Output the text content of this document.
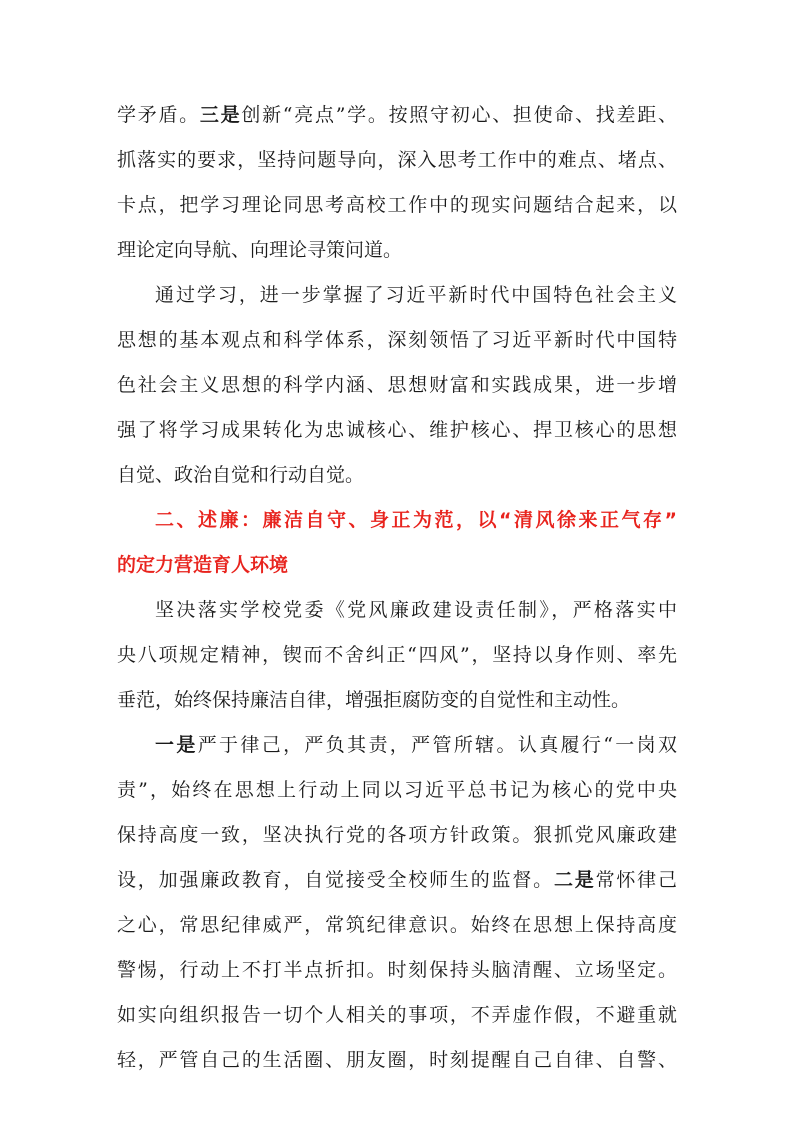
学矛盾。三是创新“亮点”学。按照守初心、担使命、找差距、
抓落实的要求，坚持问题导向，深入思考工作中的难点、堵点、
卡点，把学习理论同思考高校工作中的现实问题结合起来，以
理论定向导航、向理论寻策问道。
通过学习，进一步掌握了习近平新时代中国特色社会主义
思想的基本观点和科学体系，深刻领悟了习近平新时代中国特
色社会主义思想的科学内涵、思想财富和实践成果，进一步增
强了将学习成果转化为忠诚核心、维护核心、捍卫核心的思想
自觉、政治自觉和行动自觉。
二、述廉：廉洁自守、身正为范，以“清风徐来正气存”
的定力营造育人环境
坚决落实学校党委《党风廉政建设责任制》，严格落实中
央八项规定精神，锲而不舍纠正“四风”，坚持以身作则、率先
垂范，始终保持廉洁自律，增强拒腐防变的自觉性和主动性。
一是严于律己，严负其责，严管所辖。认真履行“一岗双
责”，始终在思想上行动上同以习近平总书记为核心的党中央
保持高度一致，坚决执行党的各项方针政策。狠抓党风廉政建
设，加强廉政教育，自觉接受全校师生的监督。二是常怀律己
之心，常思纪律威严，常筑纪律意识。始终在思想上保持高度
警惕，行动上不打半点折扣。时刻保持头脑清醒、立场坚定。
如实向组织报告一切个人相关的事项，不弄虚作假，不避重就
轻，严管自己的生活圈、朋友圈，时刻提醒自己自律、自警、
